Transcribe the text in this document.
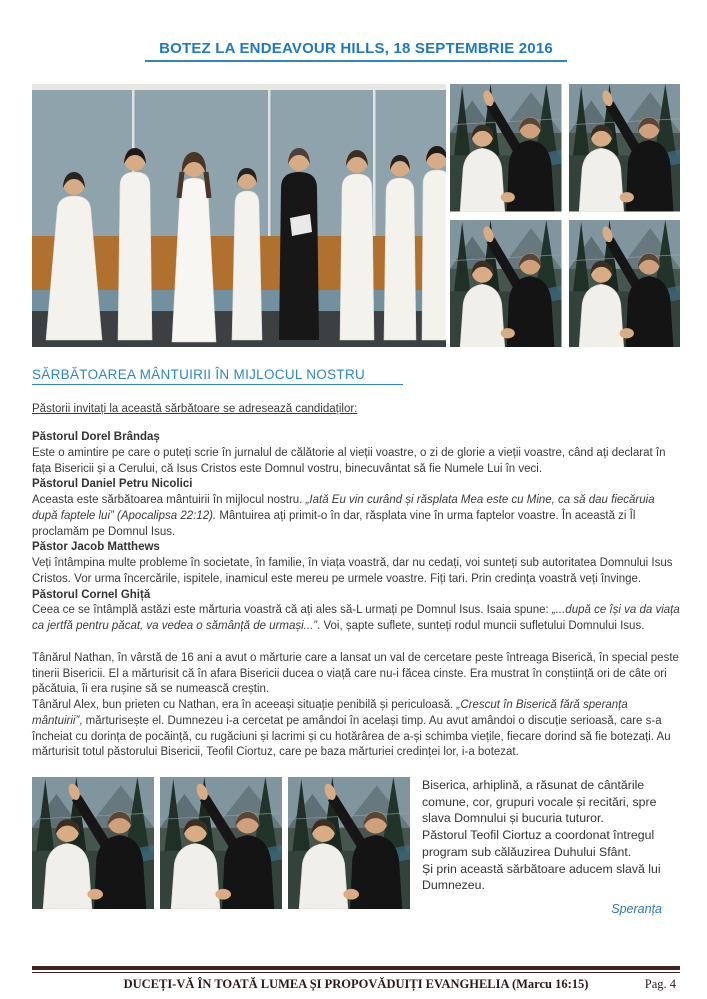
BOTEZ LA ENDEAVOUR HILLS, 18 SEPTEMBRIE 2016
SĂRBĂTOAREA MÂNTUIRII ÎN MIJLOCUL NOSTRU

Păstorii invitați la această sărbătoare se adresează candidaților:

Păstorul Dorel Brândaș

Este o amintire pe care o puteți scrie în jurnalul de călătorie al vieții voastre, o zi de glorie a vieții voastre, când ați declarat în fața Bisericii și a Cerului, că Isus Cristos este Domnul vostru, binecuvântat să fie Numele Lui în veci.

Păstorul Daniel Petru Nicolici

Aceasta este sărbătoarea mântuirii în mijlocul nostru. „Iată Eu vin curând și răsplata Mea este cu Mine, ca să dau fiecăruia după faptele lui” (Apocalipsa 22:12). Mântuirea ați primit-o în dar, răsplata vine în urma faptelor voastre. În această zi Îl proclamăm pe Domnul Isus.

Păstor Jacob Matthews

Veți întâmpina multe probleme în societate, în familie, în viața voastră, dar nu cedați, voi sunteți sub autoritatea Domnului Isus Cristos. Vor urma încercările, ispitele, inamicul este mereu pe urmele voastre. Fiți tari. Prin credința voastră veți învinge.

Păstorul Cornel Ghiță

Ceea ce se întâmplă astăzi este mărturia voastră că ați ales să-L urmați pe Domnul Isus. Isaia spune: „...după ce își va da viața ca jertfă pentru păcat, va vedea o sămânță de urmași...”. Voi, șapte suflete, sunteți rodul muncii sufletului Domnului Isus.

Tânărul Nathan, în vârstă de 16 ani a avut o mărturie care a lansat un val de cercetare peste întreaga Biserică, în special peste tinerii Bisericii. El a mărturisit că în afara Bisericii ducea o viață care nu-i făcea cinste. Era mustrat în conștiință ori de câte ori păcătuia, îi era rușine să se numească creștin.

Tânărul Alex, bun prieten cu Nathan, era în aceeași situație penibilă și periculoasă. „Crescut în Biserică fără speranța mântuirii”, mărturisește el. Dumnezeu i-a cercetat pe amândoi în același timp. Au avut amândoi o discuție serioasă, care s-a încheiat cu dorința de pocăință, cu rugăciuni și lacrimi și cu hotărârea de a-și schimba viețile, fiecare dorind să fie botezați. Au mărturisit totul păstorului Bisericii, Teofil Ciortuz, care pe baza mărturiei credinței lor, i-a botezat.

Biserica, arhiplină, a răsunat de cântările comune, cor, grupuri vocale și recitări, spre slava Domnului și bucuria tuturor.

Păstorul Teofil Ciortuz a coordonat întregul program sub călăuzirea Duhului Sfânt.

Și prin această sărbătoare aducem slavă lui Dumnezeu.

Speranța
DUCEȚI-VĂ ÎN TOATĂ LUMEA ȘI PROPOVĂDUIȚI EVANGHELIA (Marcu 16:15)	Pag. 4
